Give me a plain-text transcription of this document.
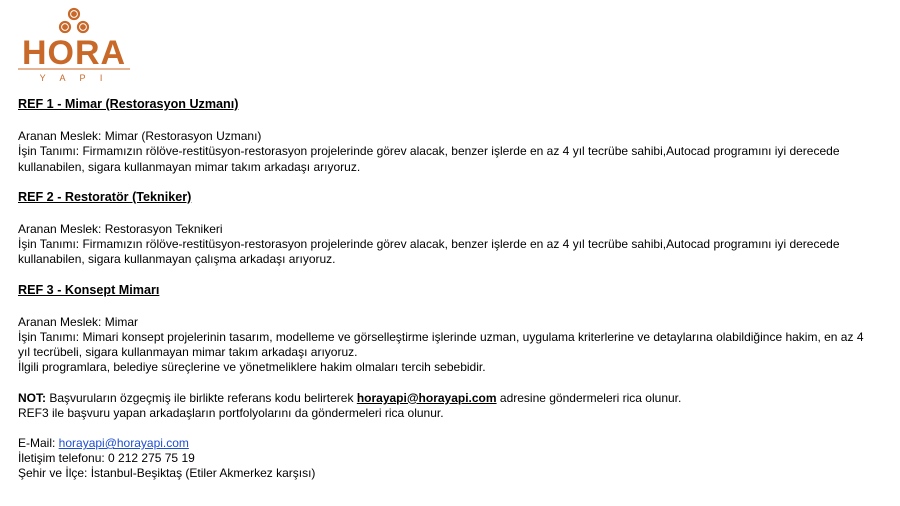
HORA
Y A P I

REF 1 - Mimar (Restorasyon Uzmanı)

Aranan Meslek: Mimar (Restorasyon Uzmanı)

İşin Tanımı: Firmamızın rölöve-restitüsyon-restorasyon projelerinde görev alacak, benzer işlerde en az 4 yıl tecrübe sahibi,Autocad programını iyi derecede

kullanabilen, sigara kullanmayan mimar takım arkadaşı arıyoruz.

REF 2 - Restoratör (Tekniker)

Aranan Meslek: Restorasyon Teknikeri

İşin Tanımı: Firmamızın rölöve-restitüsyon-restorasyon projelerinde görev alacak, benzer işlerde en az 4 yıl tecrübe sahibi,Autocad programını iyi derecede

kullanabilen, sigara kullanmayan çalışma arkadaşı arıyoruz.

REF 3 - Konsept Mimarı

Aranan Meslek: Mimar

İşin Tanımı: Mimari konsept projelerinin tasarım, modelleme ve görselleştirme işlerinde uzman, uygulama kriterlerine ve detaylarına olabildiğince hakim, en az 4

yıl tecrübeli, sigara kullanmayan mimar takım arkadaşı arıyoruz.

İlgili programlara, belediye süreçlerine ve yönetmeliklere hakim olmaları tercih sebebidir.

NOT: Başvuruların özgeçmiş ile birlikte referans kodu belirterek horayapi@horayapi.com adresine göndermeleri rica olunur.

REF3 ile başvuru yapan arkadaşların portfolyolarını da göndermeleri rica olunur.

E-Mail: horayapi@horayapi.com

İletişim telefonu: 0 212 275 75 19

Şehir ve İlçe: İstanbul-Beşiktaş (Etiler Akmerkez karşısı)
